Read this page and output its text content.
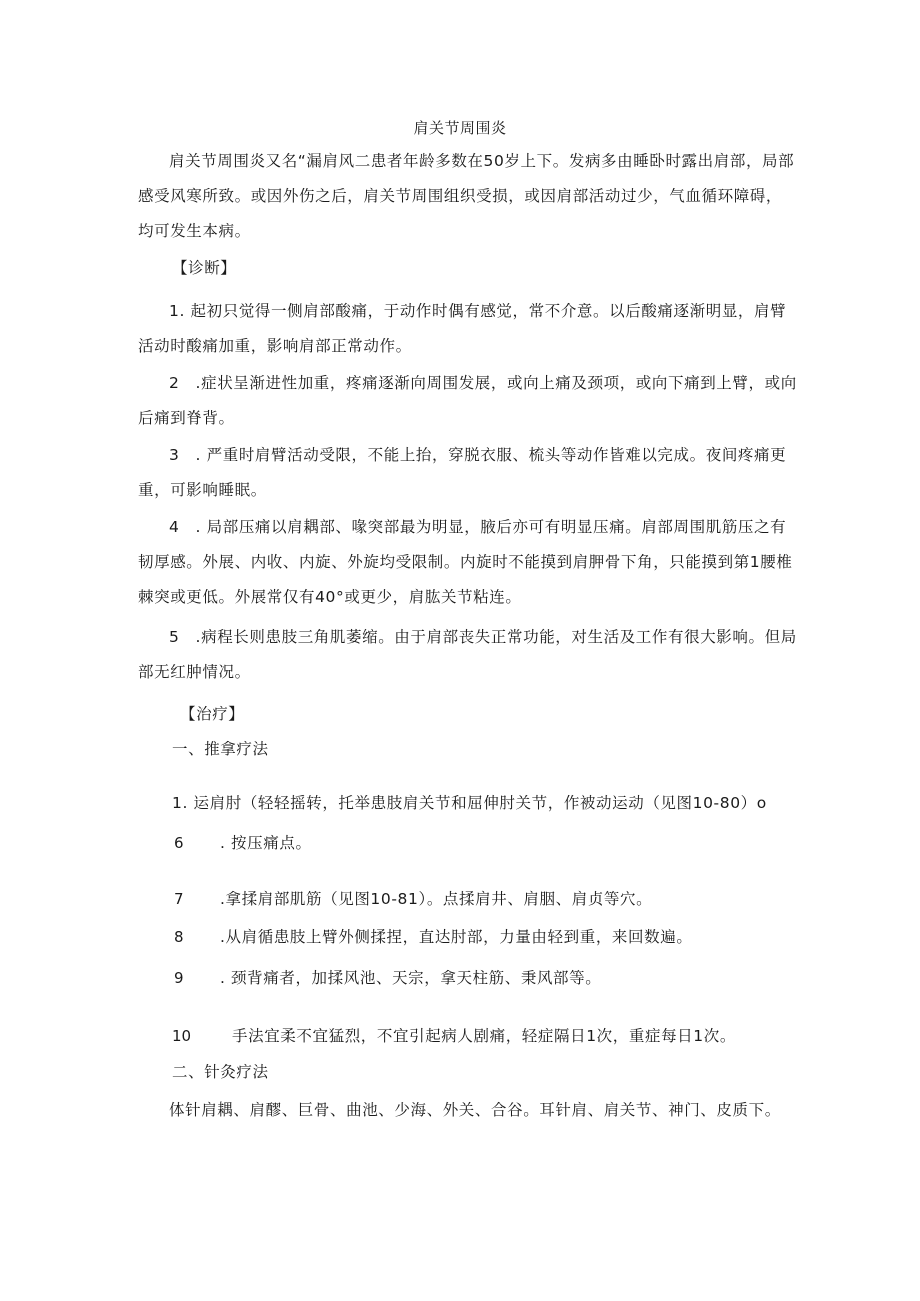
肩关节周围炎

肩关节周围炎又名“漏肩风二患者年龄多数在50岁上下。发病多由睡卧时露出肩部，局部感受风寒所致。或因外伤之后，肩关节周围组织受损，或因肩部活动过少，气血循环障碍，均可发生本病。

【诊断】

1. 起初只觉得一侧肩部酸痛，于动作时偶有感觉，常不介意。以后酸痛逐渐明显，肩臂活动时酸痛加重，影响肩部正常动作。

2　.症状呈渐进性加重，疼痛逐渐向周围发展，或向上痛及颈项，或向下痛到上臂，或向后痛到脊背。

3　. 严重时肩臂活动受限，不能上抬，穿脱衣服、梳头等动作皆难以完成。夜间疼痛更重，可影响睡眠。

4　. 局部压痛以肩耦部、喙突部最为明显，腋后亦可有明显压痛。肩部周围肌筋压之有韧厚感。外展、内收、内旋、外旋均受限制。内旋时不能摸到肩胛骨下角，只能摸到第1腰椎棘突或更低。外展常仅有40°或更少，肩肱关节粘连。

5　.病程长则患肢三角肌萎缩。由于肩部丧失正常功能，对生活及工作有很大影响。但局部无红肿情况。

【治疗】
一、推拿疗法
1. 运肩肘（轻轻摇转，托举患肢肩关节和屈伸肘关节，作被动运动（见图10-80）o
6 . 按压痛点。
7 .拿揉肩部肌筋（见图10-81）。点揉肩井、肩胭、肩贞等穴。
8 .从肩循患肢上臂外侧揉捏，直达肘部，力量由轻到重，来回数遍。
9 . 颈背痛者，加揉风池、天宗，拿天柱筋、秉风部等。
10	手法宜柔不宜猛烈，不宜引起病人剧痛，轻症隔日1次，重症每日1次。
二、针灸疗法

体针肩耦、肩醪、巨骨、曲池、少海、外关、合谷。耳针肩、肩关节、神门、皮质下。
